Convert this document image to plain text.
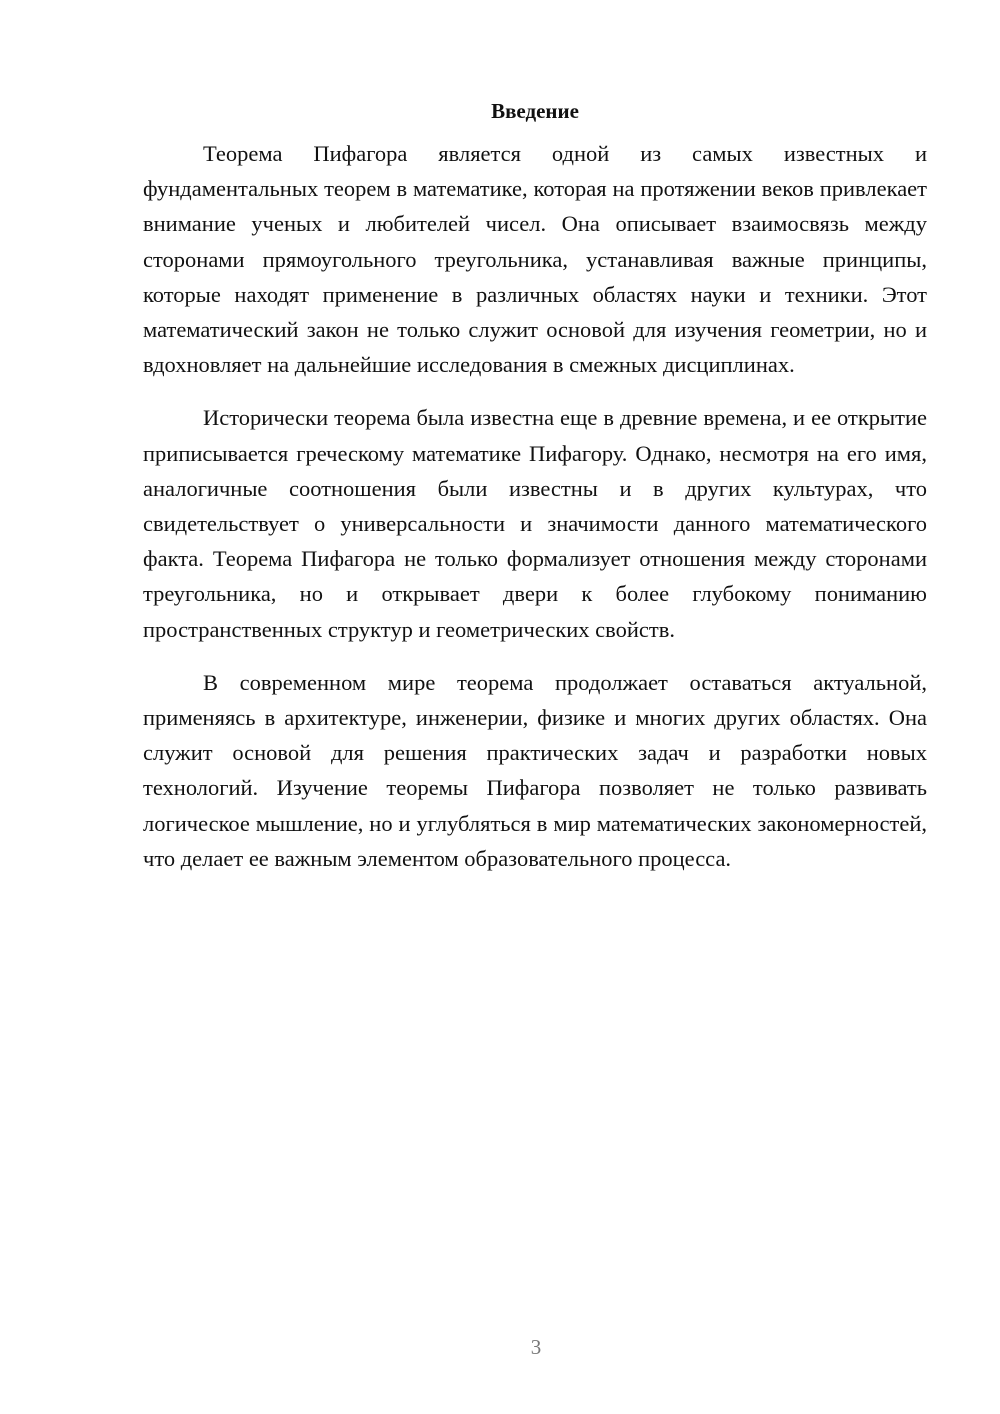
Введение

Теорема Пифагора является одной из самых известных и фундаментальных теорем в математике, которая на протяжении веков привлекает внимание ученых и любителей чисел. Она описывает взаимосвязь между сторонами прямоугольного треугольника, устанавливая важные принципы, которые находят применение в различных областях науки и техники. Этот математический закон не только служит основой для изучения геометрии, но и вдохновляет на дальнейшие исследования в смежных дисциплинах.

Исторически теорема была известна еще в древние времена, и ее открытие приписывается греческому математике Пифагору. Однако, несмотря на его имя, аналогичные соотношения были известны и в других культурах, что свидетельствует о универсальности и значимости данного математического факта. Теорема Пифагора не только формализует отношения между сторонами треугольника, но и открывает двери к более глубокому пониманию пространственных структур и геометрических свойств.

В современном мире теорема продолжает оставаться актуальной, применяясь в архитектуре, инженерии, физике и многих других областях. Она служит основой для решения практических задач и разработки новых технологий. Изучение теоремы Пифагора позволяет не только развивать логическое мышление, но и углубляться в мир математических закономерностей, что делает ее важным элементом образовательного процесса.

3
